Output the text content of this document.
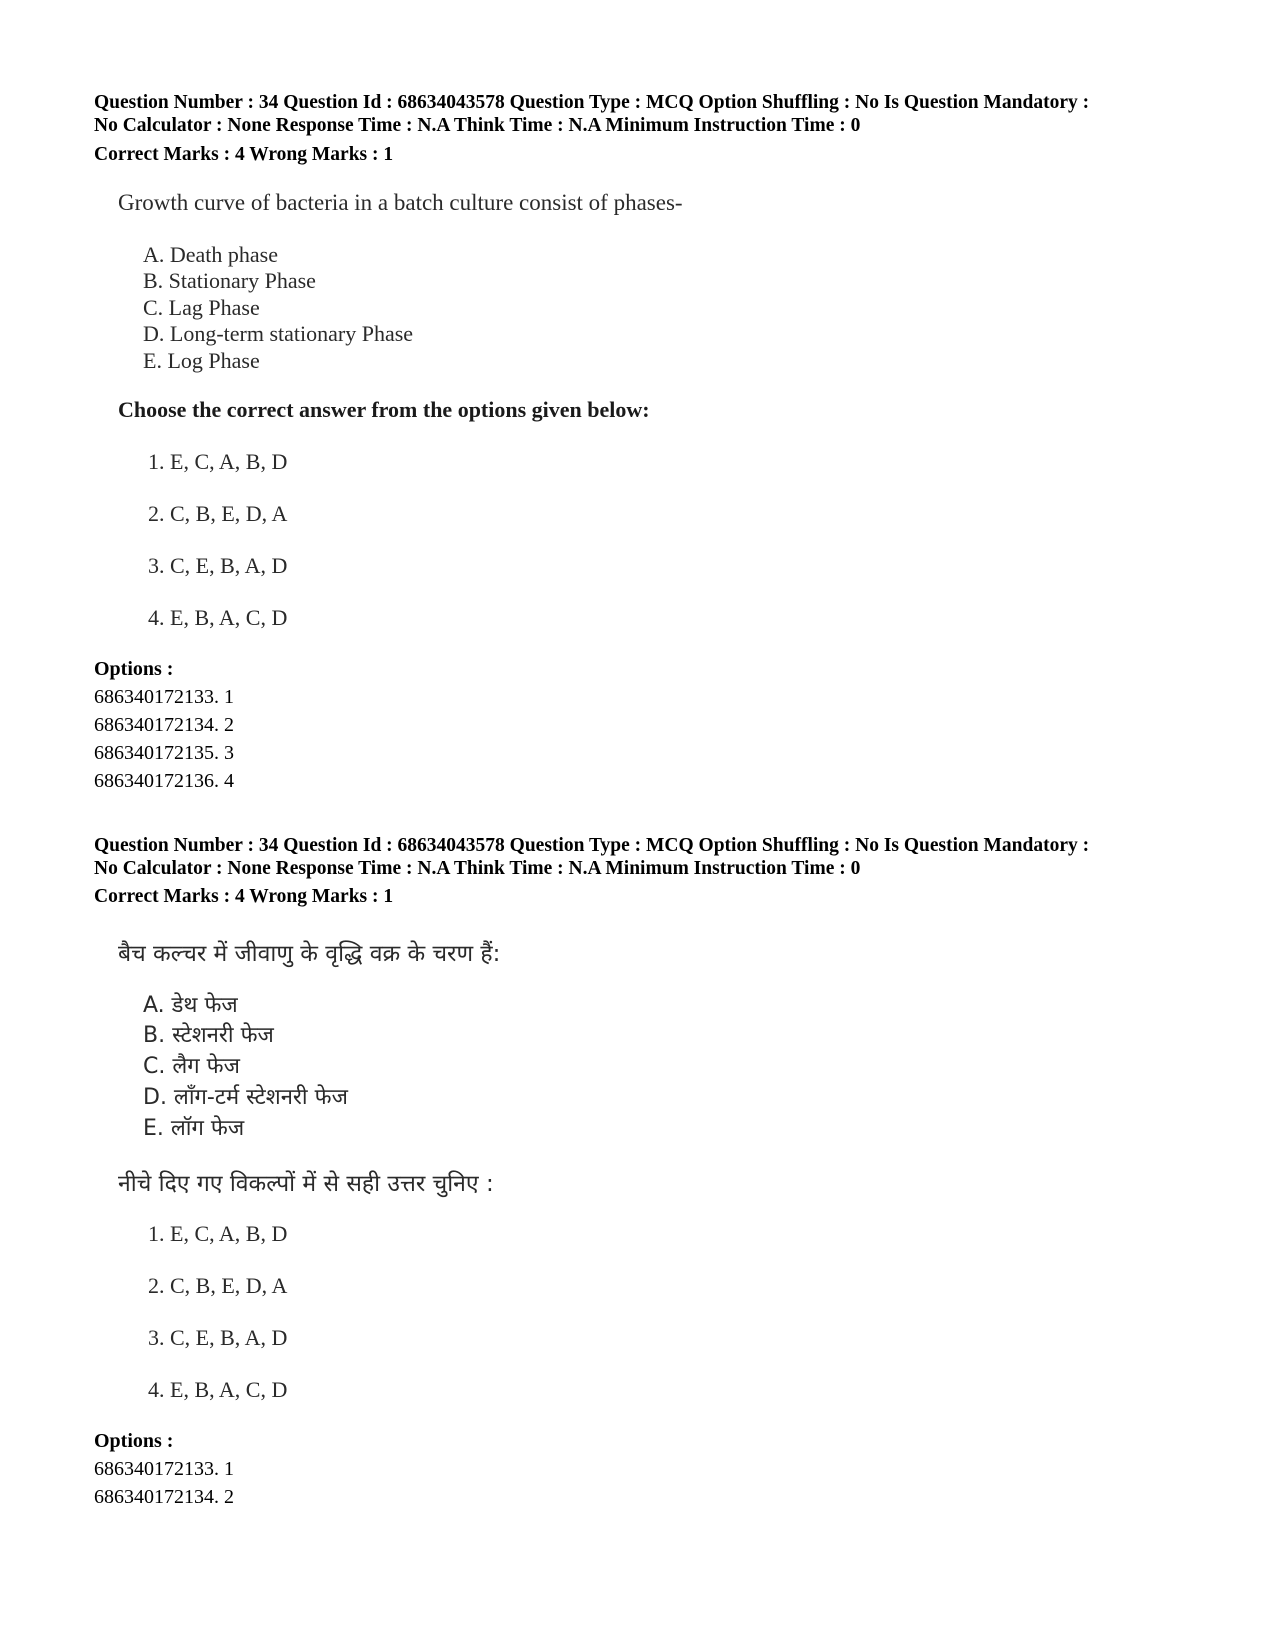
Question Number : 34 Question Id : 68634043578 Question Type : MCQ Option Shuffling : No Is Question Mandatory :

No Calculator : None Response Time : N.A Think Time : N.A Minimum Instruction Time : 0

Correct Marks : 4 Wrong Marks : 1

Growth curve of bacteria in a batch culture consist of phases-
A. Death phase
B. Stationary Phase
C. Lag Phase
D. Long-term stationary Phase
E. Log Phase
Choose the correct answer from the options given below:
1. E, C, A, B, D
2. C, B, E, D, A
3. C, E, B, A, D
4. E, B, A, C, D
Options :
686340172133. 1
686340172134. 2
686340172135. 3
686340172136. 4

Question Number : 34 Question Id : 68634043578 Question Type : MCQ Option Shuffling : No Is Question Mandatory :

No Calculator : None Response Time : N.A Think Time : N.A Minimum Instruction Time : 0

Correct Marks : 4 Wrong Marks : 1

बैच कल्चर में जीवाणु के वृद्धि वक्र के चरण हैं:
A. डेथ फेज
B. स्टेशनरी फेज
C. लैग फेज
D. लॉंग-टर्म स्टेशनरी फेज
E. लॉग फेज
नीचे दिए गए विकल्पों में से सही उत्तर चुनिए :
1. E, C, A, B, D
2. C, B, E, D, A
3. C, E, B, A, D
4. E, B, A, C, D
Options :
686340172133. 1
686340172134. 2
